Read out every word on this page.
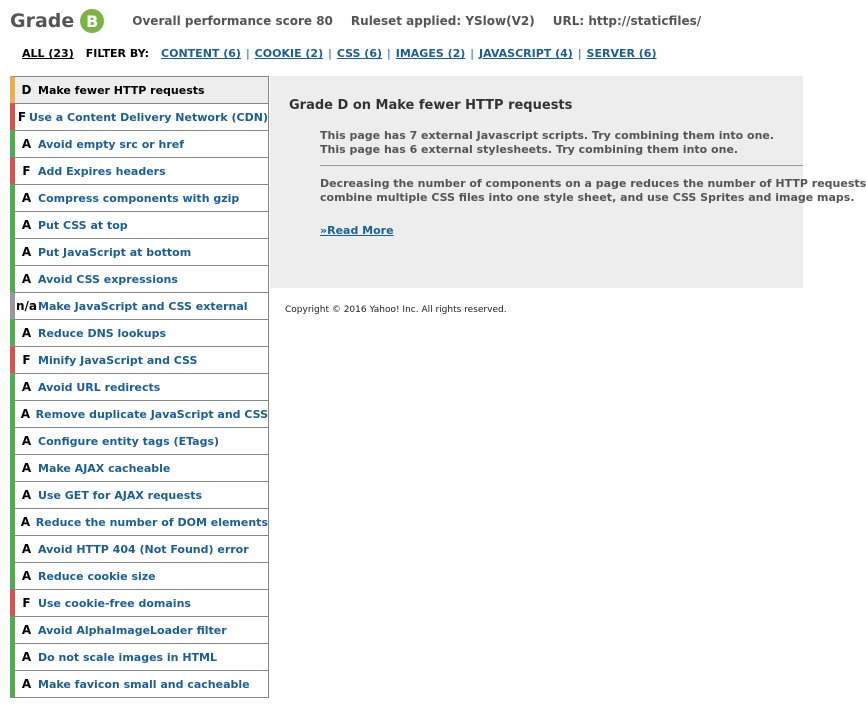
Grade B	Overall performance score 80 Ruleset applied: YSlow(V2) URL: http://staticfiles/
ALL (23) FILTER BY: CONTENT (6) | COOKIE (2) | CSS (6) | IMAGES (2) | JAVASCRIPT (4) | SERVER (6)
D Make fewer HTTP requests
F Use a Content Delivery Network (CDN)
A Avoid empty src or href
F Add Expires headers
A Compress components with gzip
A Put CSS at top
A Put JavaScript at bottom
A Avoid CSS expressions
n/a Make JavaScript and CSS external
A Reduce DNS lookups
F Minify JavaScript and CSS
A Avoid URL redirects
A Remove duplicate JavaScript and CSS
A Configure entity tags (ETags)
A Make AJAX cacheable
A Use GET for AJAX requests
A Reduce the number of DOM elements
A Avoid HTTP 404 (Not Found) error
A Reduce cookie size
F Use cookie-free domains
A Avoid AlphaImageLoader filter
A Do not scale images in HTML
A Make favicon small and cacheable
Grade D on Make fewer HTTP requests
This page has 7 external Javascript scripts. Try combining them into one.
This page has 6 external stylesheets. Try combining them into one.
Decreasing the number of components on a page reduces the number of HTTP requests
combine multiple CSS files into one style sheet, and use CSS Sprites and image maps.
»Read More
Copyright © 2016 Yahoo! Inc. All rights reserved.
